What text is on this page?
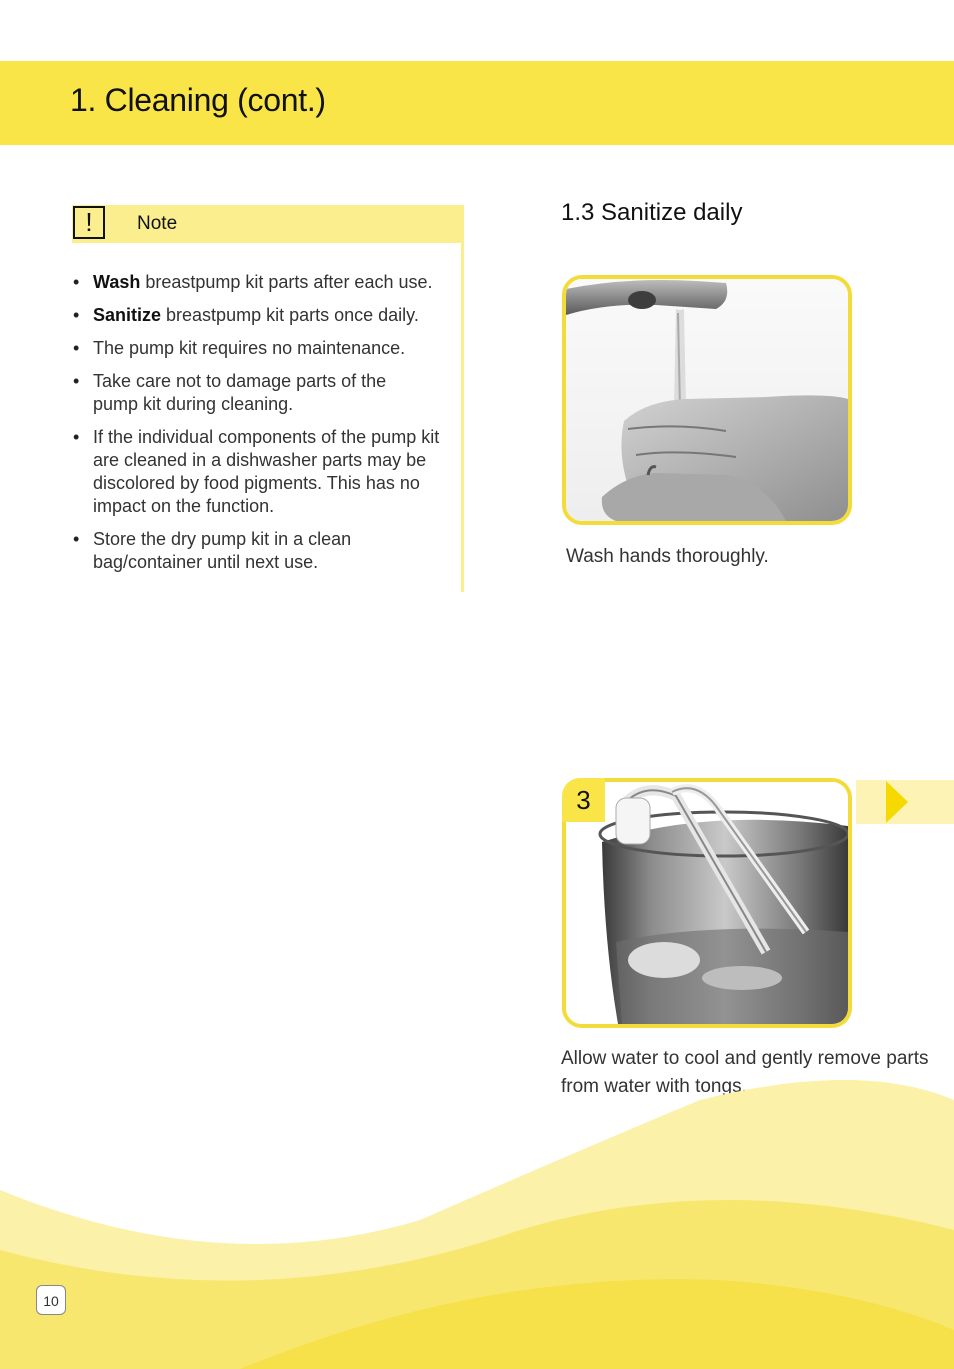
1. Cleaning (cont.)
!	Note
• Wash breastpump kit parts after each use.
• Sanitize breastpump kit parts once daily.
• The pump kit requires no maintenance.
• Take care not to damage parts of the pump kit during cleaning.
• If the individual components of the pump kit are cleaned in a dishwasher parts may be discolored by food pigments. This has no impact on the function.
• Store the dry pump kit in a clean bag/container until next use.
1.3 Sanitize daily
Wash hands thoroughly.
3
Allow water to cool and gently remove parts from water with tongs.
10
